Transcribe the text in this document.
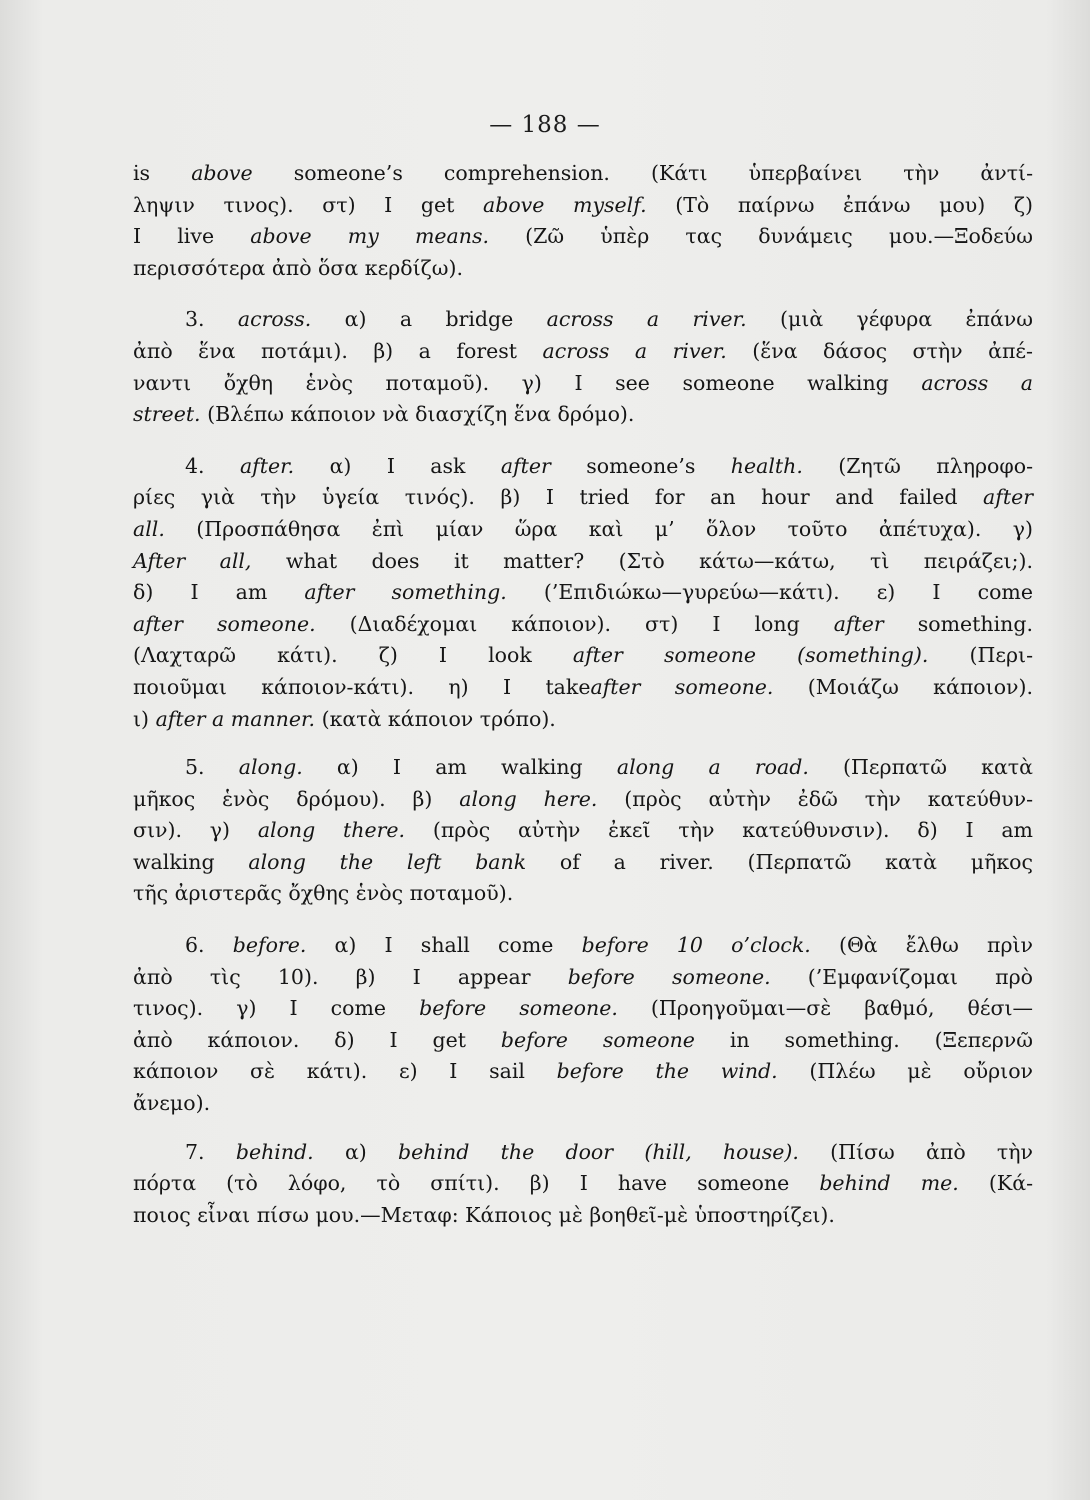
— 188 —
is above someone’s comprehension. (Κάτι ὑπερβαίνει τὴν ἀντί-
ληψιν τινος). στ) I get above myself. (Τὸ παίρνω ἐπάνω μου) ζ)
I live above my means. (Ζῶ ὑπὲρ τας δυνάμεις μου.—Ξοδεύω
περισσότερα ἀπὸ ὅσα κερδίζω).
3. across. α) a bridge across a river. (μιὰ γέφυρα ἐπάνω
ἀπὸ ἕνα ποτάμι). β) a forest across a river. (ἕνα δάσος στὴν ἀπέ-
ναντι ὄχθη ἑνὸς ποταμοῦ). γ) I see someone walking across a
street. (Βλέπω κάποιον νὰ διασχίζη ἕνα δρόμο).
4. after. α) I ask after someone’s health. (Ζητῶ πληροφο-
ρίες γιὰ τὴν ὑγεία τινός). β) I tried for an hour and failed after
all. (Προσπάθησα ἐπὶ μίαν ὥρα καὶ μ’ ὅλον τοῦτο ἀπέτυχα). γ)
After all, what does it matter? (Στὸ κάτω—κάτω, τὶ πειράζει;).
δ) I am after something. (’Επιδιώκω—γυρεύω—κάτι). ε) I come
after someone. (Διαδέχομαι κάποιον). στ) I long after something.
(Λαχταρῶ κάτι). ζ) I look after someone (something). (Περι-
ποιοῦμαι κάποιον-κάτι). η) I takeafter someone. (Μοιάζω κάποιον).
ι) after a manner. (κατὰ κάποιον τρόπο).
5. along. α) I am walking along a road. (Περπατῶ κατὰ
μῆκος ἑνὸς δρόμου). β) along here. (πρὸς αὐτὴν ἐδῶ τὴν κατεύθυν-
σιν). γ) along there. (πρὸς αὐτὴν ἐκεῖ τὴν κατεύθυνσιν). δ) I am
walking along the left bank of a river. (Περπατῶ κατὰ μῆκος
τῆς ἀριστερᾶς ὄχθης ἑνὸς ποταμοῦ).
6. before. α) I shall come before 10 o’clock. (Θὰ ἔλθω πρὶν
ἀπὸ τὶς 10). β) I appear before someone. (’Εμφανίζομαι πρὸ
τινος). γ) I come before someone. (Προηγοῦμαι—σὲ βαθμό, θέσι—
ἀπὸ κάποιον. δ) I get before someone in something. (Ξεπερνῶ
κάποιον σὲ κάτι). ε) I sail before the wind. (Πλέω μὲ οὔριον
ἄνεμο).
7. behind. α) behind the door (hill, house). (Πίσω ἀπὸ τὴν
πόρτα (τὸ λόφο, τὸ σπίτι). β) I have someone behind me. (Κά-
ποιος εἶναι πίσω μου.—Μεταφ: Κάποιος μὲ βοηθεῖ-μὲ ὑποστηρίζει).
